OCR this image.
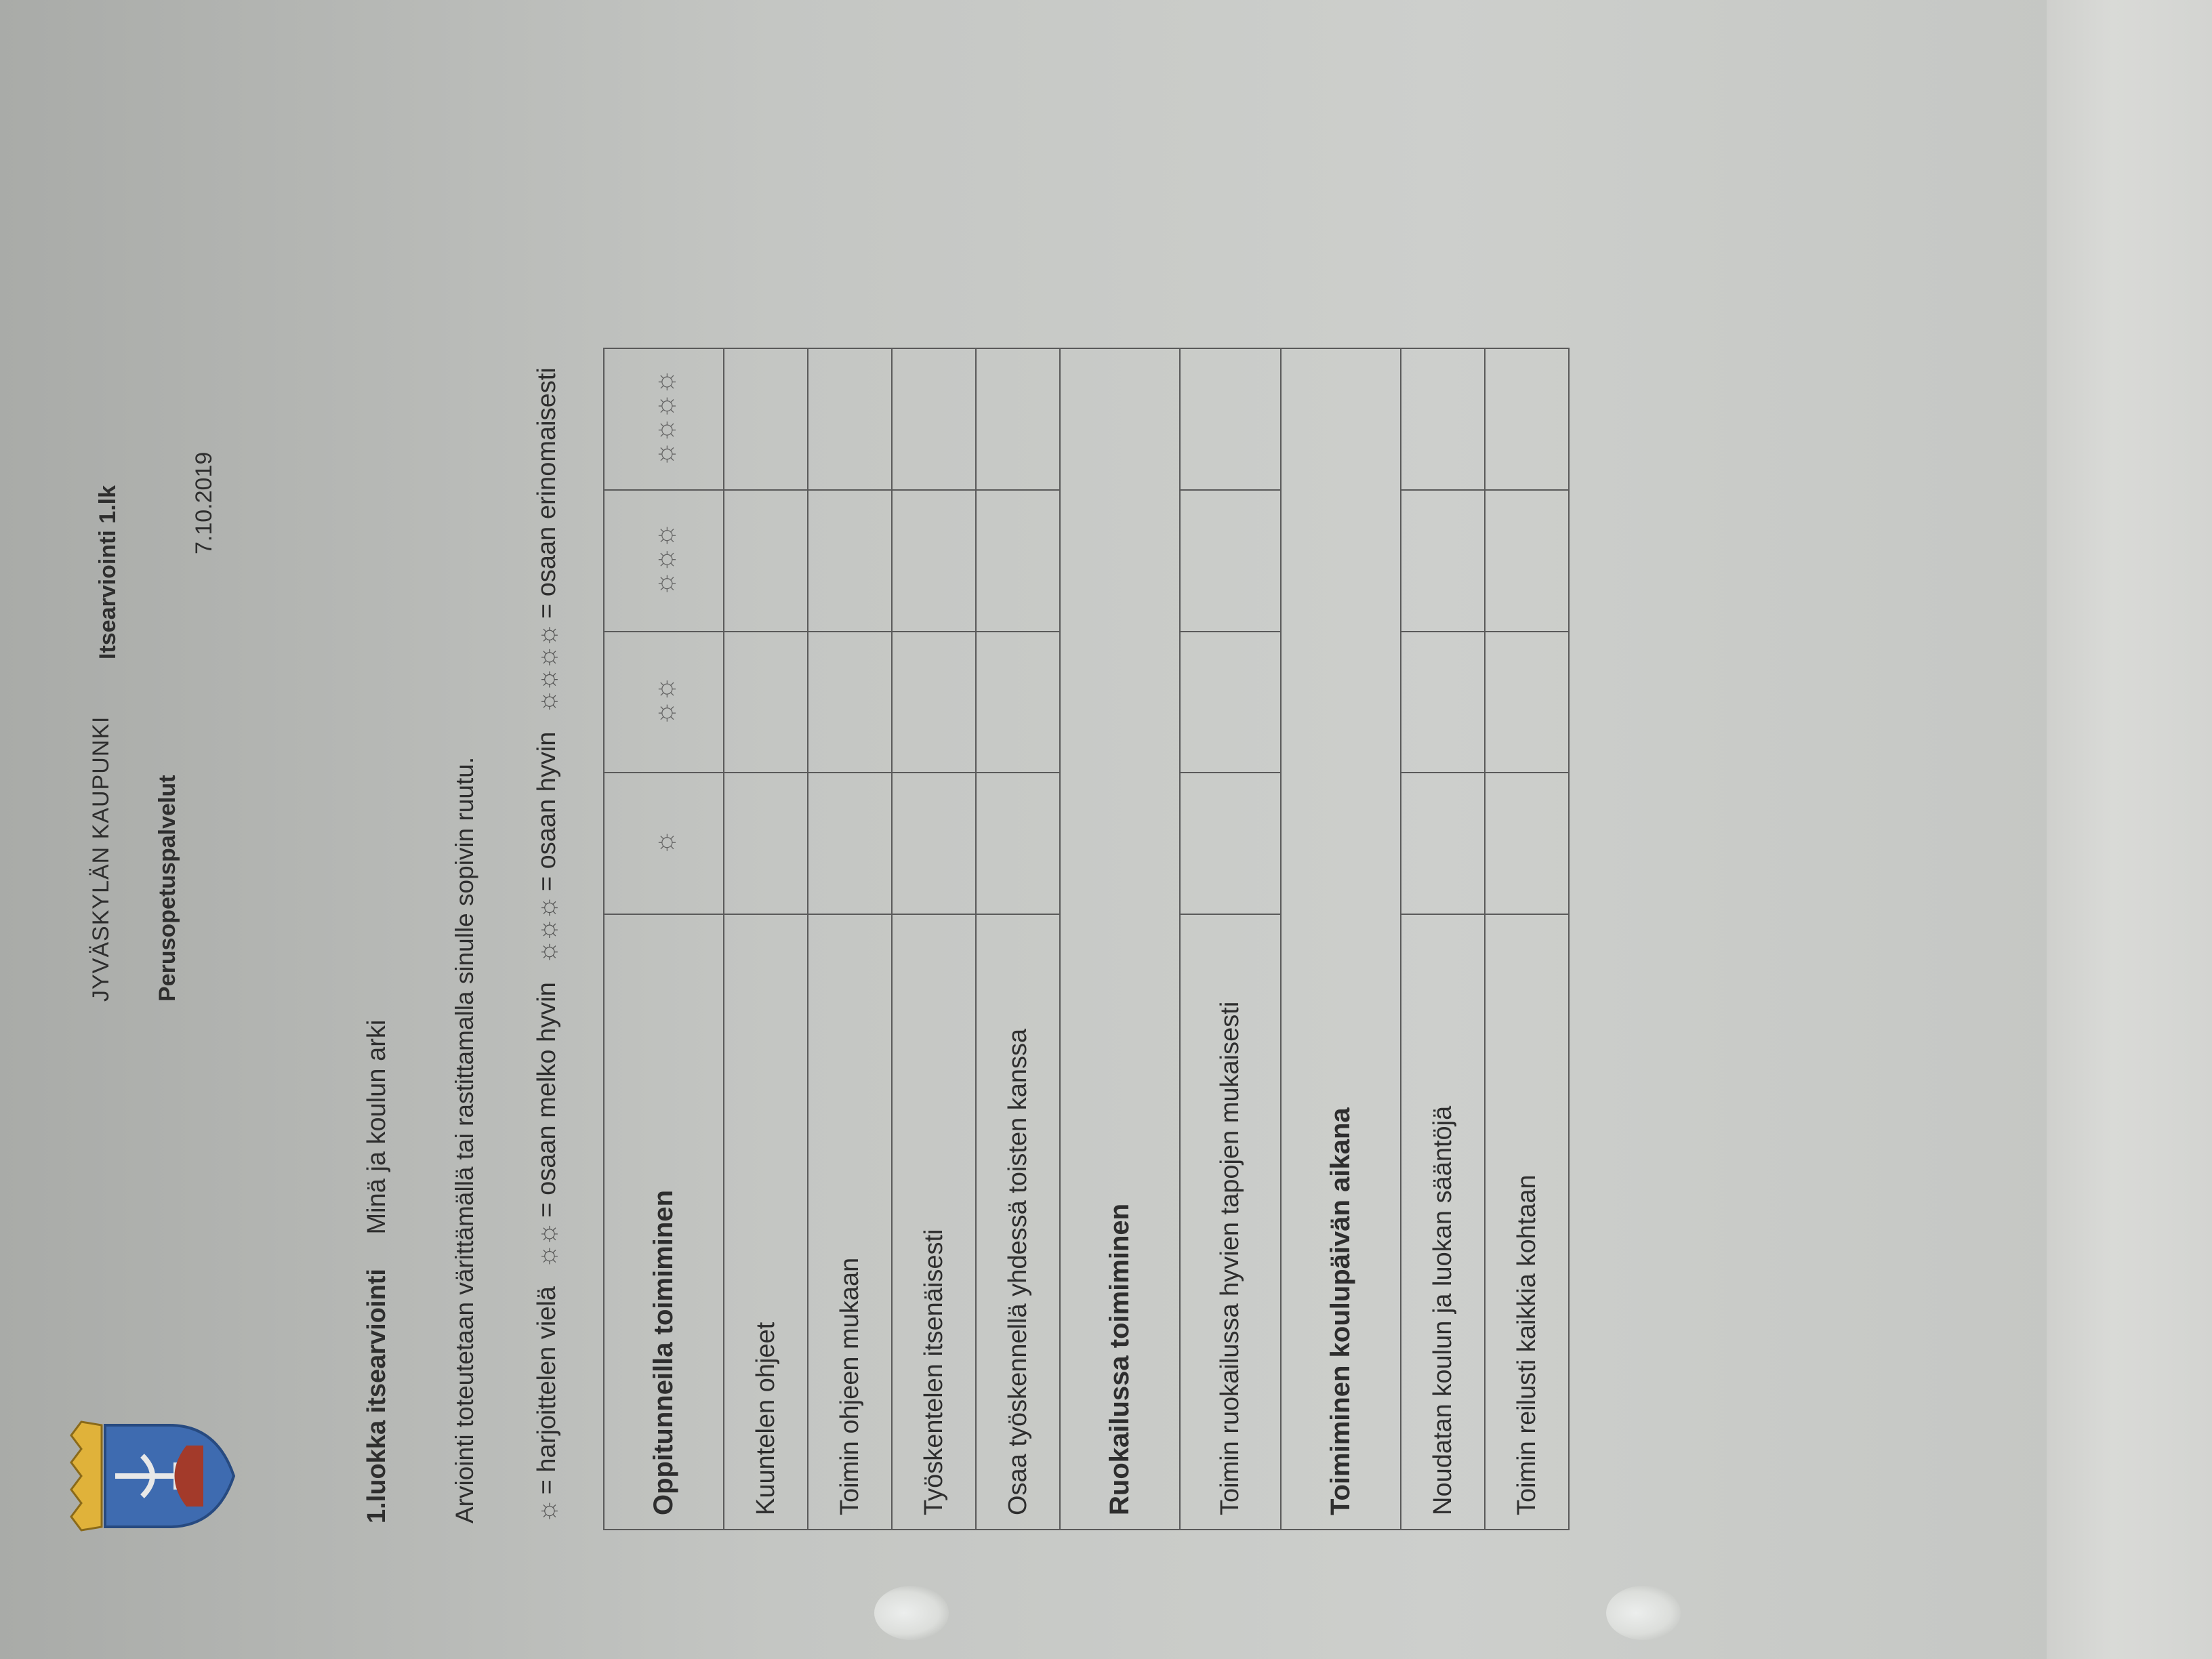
JYVÄSKYLÄN KAUPUNKI Perusopetuspalvelut
Itsearviointi 1.lk	7.10.2019
1.luokka itsearviointi Minä ja koulun arki Arviointi toteutetaan värittämällä tai rastittamalla sinulle sopivin ruutu. ☼
= harjoittelen vielä
☼☼
= osaan melko hyvin
☼☼☼
= osaan hyvin
☼☼☼☼
= osaan erinomaisesti
Oppitunneilla toimiminen	☼	☼☼	☼☼☼	☼☼☼☼
Kuuntelen ohjeet				
Toimin ohjeen mukaan				
Työskentelen itsenäisesti				
Osaa työskennellä yhdessä toisten kanssa				
Ruokailussa toimiminen				
Toimin ruokailussa hyvien tapojen mukaisesti				
Toimiminen koulupäivän aikana				
Noudatan koulun ja luokan sääntöjä				
Toimin reilusti kaikkia kohtaan				
